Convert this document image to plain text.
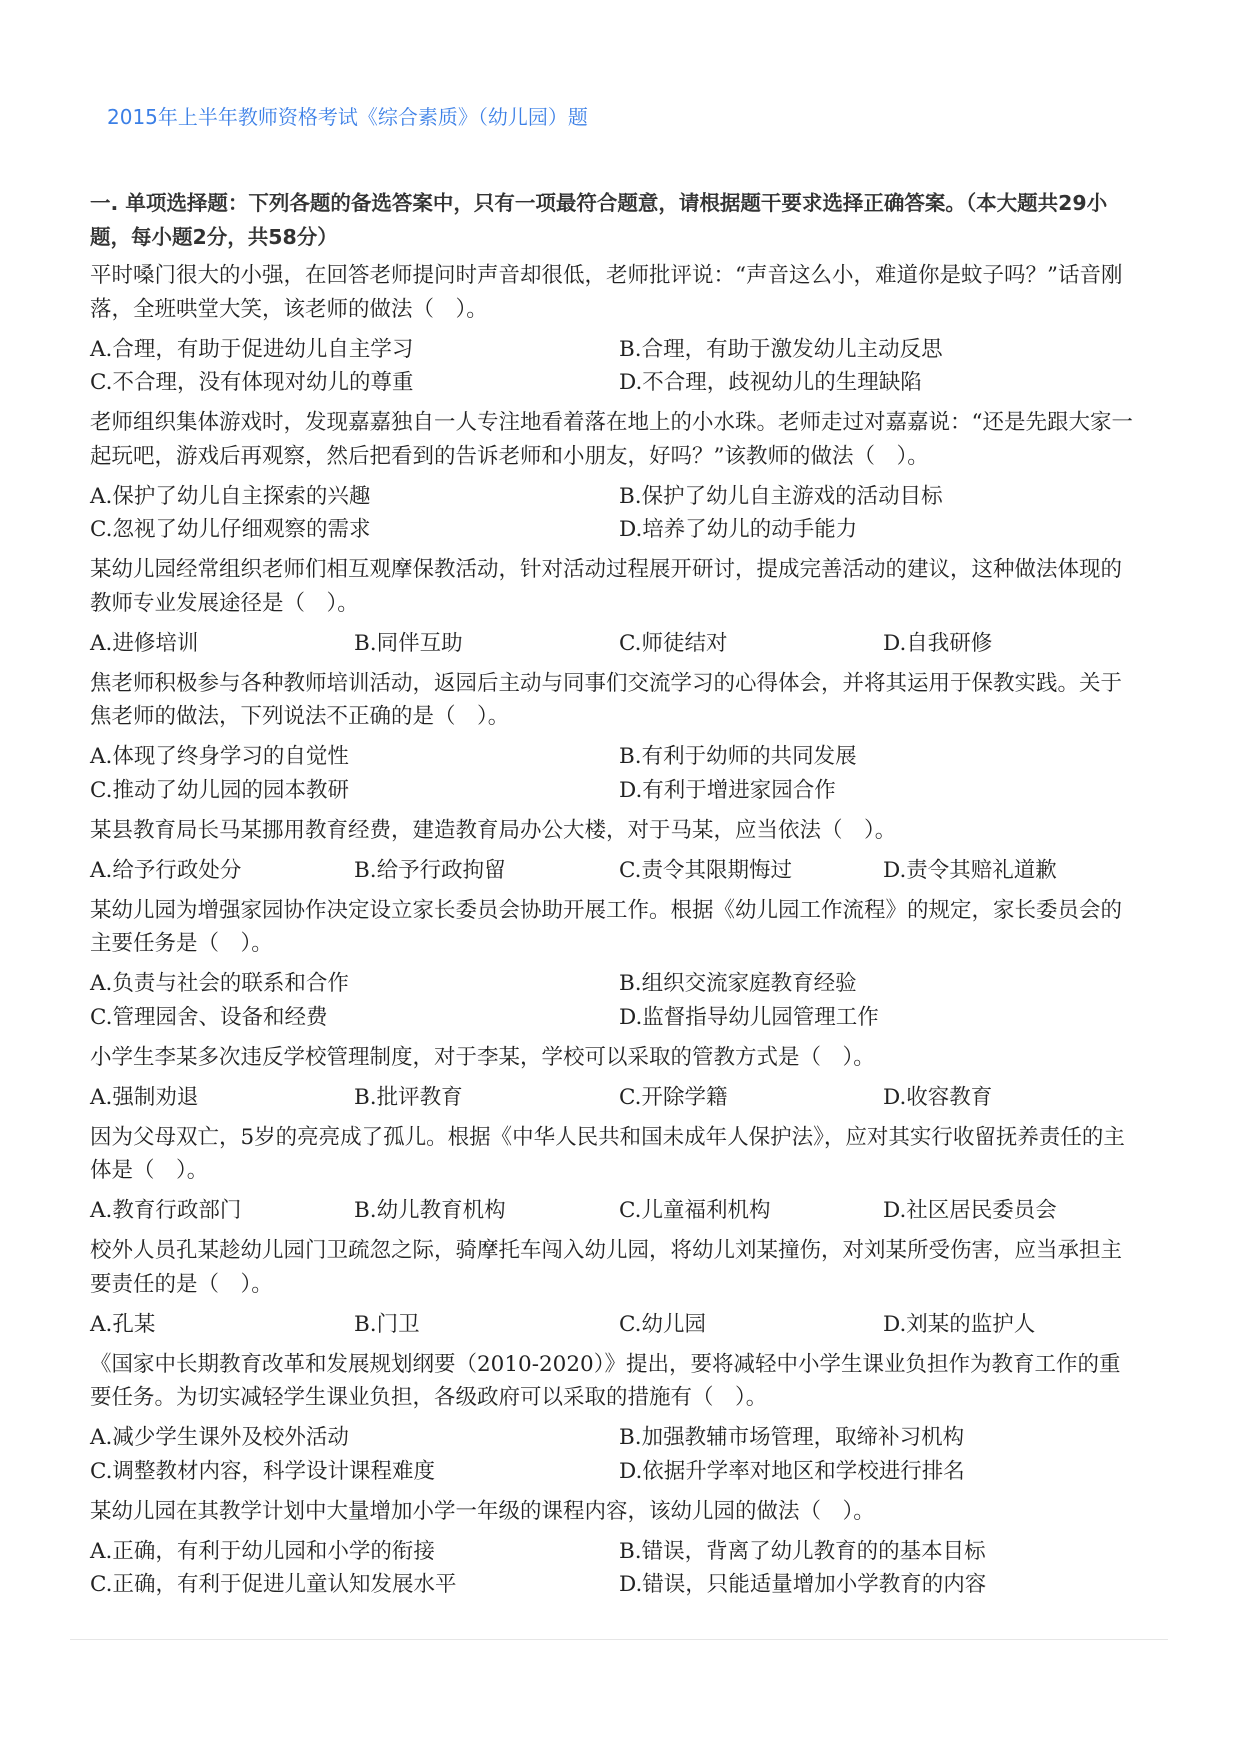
2015年上半年教师资格考试《综合素质》（幼儿园）题
一. 单项选择题：下列各题的备选答案中，只有一项最符合题意，请根据题干要求选择正确答案。（本大题共29小题，每小题2分，共58分）
平时嗓门很大的小强，在回答老师提问时声音却很低，老师批评说：“声音这么小，难道你是蚊子吗？”话音刚落，全班哄堂大笑，该老师的做法（　）。
A.合理，有助于促进幼儿自主学习	B.合理，有助于激发幼儿主动反思
C.不合理，没有体现对幼儿的尊重	D.不合理，歧视幼儿的生理缺陷
老师组织集体游戏时，发现嘉嘉独自一人专注地看着落在地上的小水珠。老师走过对嘉嘉说：“还是先跟大家一起玩吧，游戏后再观察，然后把看到的告诉老师和小朋友，好吗？”该教师的做法（　）。
A.保护了幼儿自主探索的兴趣	B.保护了幼儿自主游戏的活动目标
C.忽视了幼儿仔细观察的需求	D.培养了幼儿的动手能力
某幼儿园经常组织老师们相互观摩保教活动，针对活动过程展开研讨，提成完善活动的建议，这种做法体现的教师专业发展途径是（　）。
A.进修培训	B.同伴互助	C.师徒结对	D.自我研修
焦老师积极参与各种教师培训活动，返园后主动与同事们交流学习的心得体会，并将其运用于保教实践。关于焦老师的做法，下列说法不正确的是（　）。
A.体现了终身学习的自觉性	B.有利于幼师的共同发展
C.推动了幼儿园的园本教研	D.有利于增进家园合作
某县教育局长马某挪用教育经费，建造教育局办公大楼，对于马某，应当依法（　）。
A.给予行政处分	B.给予行政拘留	C.责令其限期悔过	D.责令其赔礼道歉
某幼儿园为增强家园协作决定设立家长委员会协助开展工作。根据《幼儿园工作流程》的规定，家长委员会的主要任务是（　）。
A.负责与社会的联系和合作	B.组织交流家庭教育经验
C.管理园舍、设备和经费	D.监督指导幼儿园管理工作
小学生李某多次违反学校管理制度，对于李某，学校可以采取的管教方式是（　）。
A.强制劝退	B.批评教育	C.开除学籍	D.收容教育
因为父母双亡，5岁的亮亮成了孤儿。根据《中华人民共和国未成年人保护法》，应对其实行收留抚养责任的主体是（　）。
A.教育行政部门	B.幼儿教育机构	C.儿童福利机构	D.社区居民委员会
校外人员孔某趁幼儿园门卫疏忽之际，骑摩托车闯入幼儿园，将幼儿刘某撞伤，对刘某所受伤害，应当承担主要责任的是（　）。
A.孔某	B.门卫	C.幼儿园	D.刘某的监护人
《国家中长期教育改革和发展规划纲要（2010-2020）》提出，要将减轻中小学生课业负担作为教育工作的重要任务。为切实减轻学生课业负担，各级政府可以采取的措施有（　）。
A.减少学生课外及校外活动	B.加强教辅市场管理，取缔补习机构
C.调整教材内容，科学设计课程难度	D.依据升学率对地区和学校进行排名
某幼儿园在其教学计划中大量增加小学一年级的课程内容，该幼儿园的做法（　）。
A.正确，有利于幼儿园和小学的衔接	B.错误，背离了幼儿教育的的基本目标
C.正确，有利于促进儿童认知发展水平	D.错误，只能适量增加小学教育的内容
